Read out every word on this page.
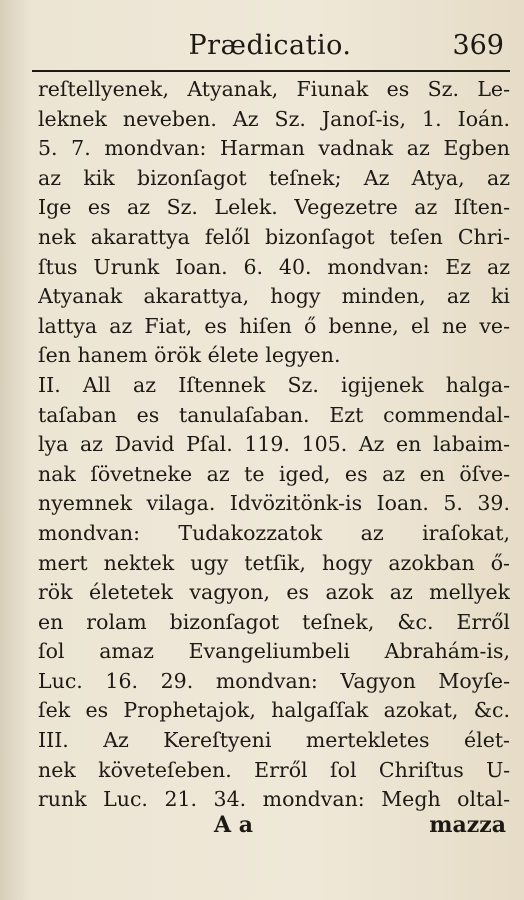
Prædicatio.	369
reſtellyenek, Atyanak, Fiunak es Sz. Le-
leknek neveben. Az Sz. Janoſ-is, 1. Ioán.
5. 7. mondvan: Harman vadnak az Egben
az kik bizonſagot teſnek; Az Atya, az
Ige es az Sz. Lelek. Vegezetre az Iſten-
nek akarattya felől bizonſagot teſen Chri-
ſtus Urunk Ioan. 6. 40. mondvan: Ez az
Atyanak akarattya, hogy minden, az ki
lattya az Fiat, es hiſen ő benne, el ne ve-
ſen hanem örök élete legyen.
II. All az Iſtennek Sz. igijenek halga-
taſaban es tanulaſaban. Ezt commendal-
lya az David Pſal. 119. 105. Az en labaim-
nak ſövetneke az te iged, es az en öſve-
nyemnek vilaga. Idvözitönk-is Ioan. 5. 39.
mondvan: Tudakozzatok az iraſokat,
mert nektek ugy tetſik, hogy azokban ő-
rök életetek vagyon, es azok az mellyek
en rolam bizonſagot teſnek, &c. Erről
ſol amaz Evangeliumbeli Abrahám-is,
Luc. 16. 29. mondvan: Vagyon Moyſe-
ſek es Prophetajok, halgaſſak azokat, &c.
III. Az Kereſtyeni mertekletes élet-
nek követeſeben. Erről ſol Chriſtus U-
runk Luc. 21. 34. mondvan: Megh oltal-
A a	mazza
